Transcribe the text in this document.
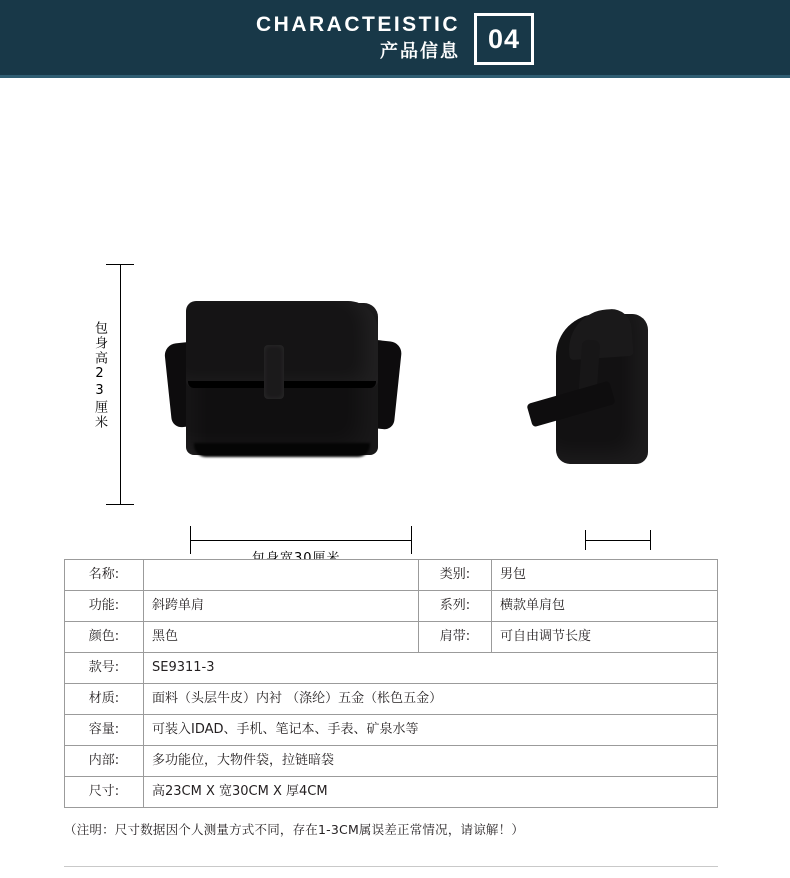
CHARACTEISTIC
产品信息	04
包身高23厘米
名称:		类别:	男包
功能:	斜跨单肩	系列:	横款单肩包
颜色:	黑色	肩带:	可自由调节长度
款号:	SE9311-3		
材质:	面料（头层牛皮）内衬 （涤纶）五金（枨色五金）		
容量:	可装入IDAD、手机、笔记本、手表、矿泉水等		
内部:	多功能位，大物件袋，拉链暗袋		
尺寸:	高23CM X 宽30CM X 厚4CM		
（注明：尺寸数据因个人测量方式不同，存在1-3CM属误差正常情况，请谅解！）
